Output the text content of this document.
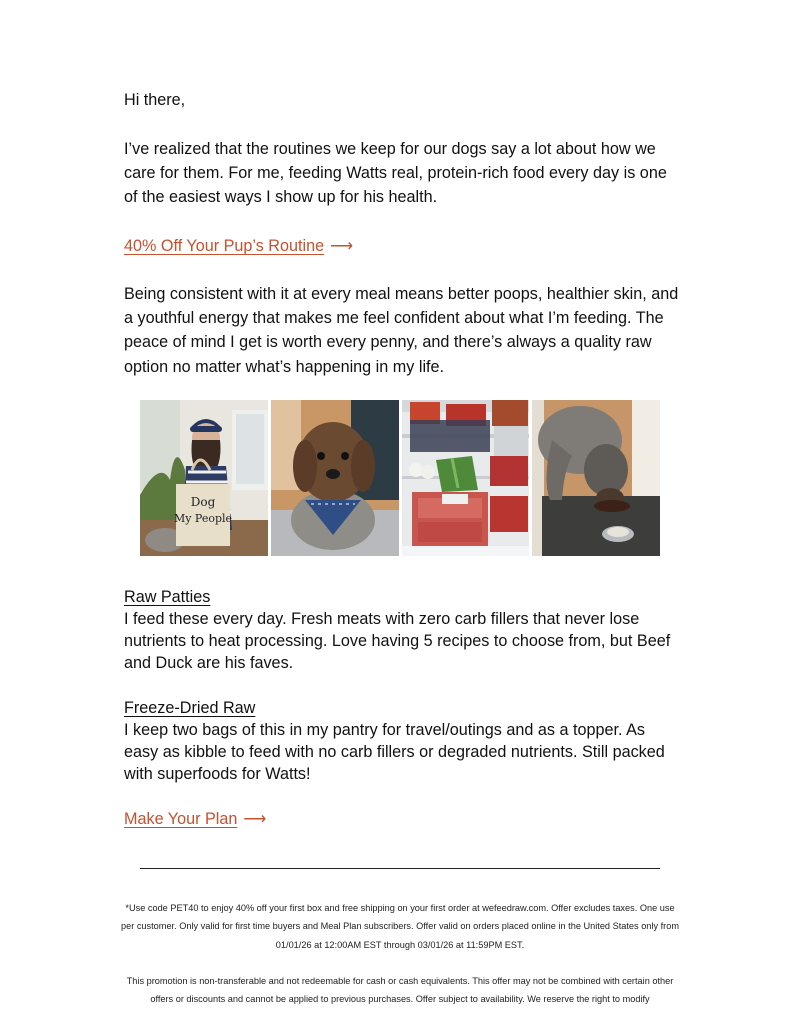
Hi there,

I’ve realized that the routines we keep for our dogs say a lot about how we care for them. For me, feeding Watts real, protein-rich food every day is one of the easiest ways I show up for his health.

40% Off Your Pup’s Routine ⟶

Being consistent with it at every meal means better poops, healthier skin, and a youthful energy that makes me feel confident about what I’m feeding. The peace of mind I get is worth every penny, and there’s always a quality raw option no matter what’s happening in my life.

Raw Patties
I feed these every day. Fresh meats with zero carb fillers that never lose nutrients to heat processing. Love having 5 recipes to choose from, but Beef and Duck are his faves.
Freeze-Dried Raw
I keep two bags of this in my pantry for travel/outings and as a topper. As easy as kibble to feed with no carb fillers or degraded nutrients. Still packed with superfoods for Watts!

Make Your Plan ⟶

Dog
My People
*Use code PET40 to enjoy 40% off your first box and free shipping on your first order at wefeedraw.com. Offer excludes taxes. One use per customer. Only valid for first time buyers and Meal Plan subscribers. Offer valid on orders placed online in the United States only from 01/01/26 at 12:00AM EST through 03/01/26 at 11:59PM EST.
This promotion is non-transferable and not redeemable for cash or cash equivalents. This offer may not be combined with certain other offers or discounts and cannot be applied to previous purchases. Offer subject to availability. We reserve the right to modify
